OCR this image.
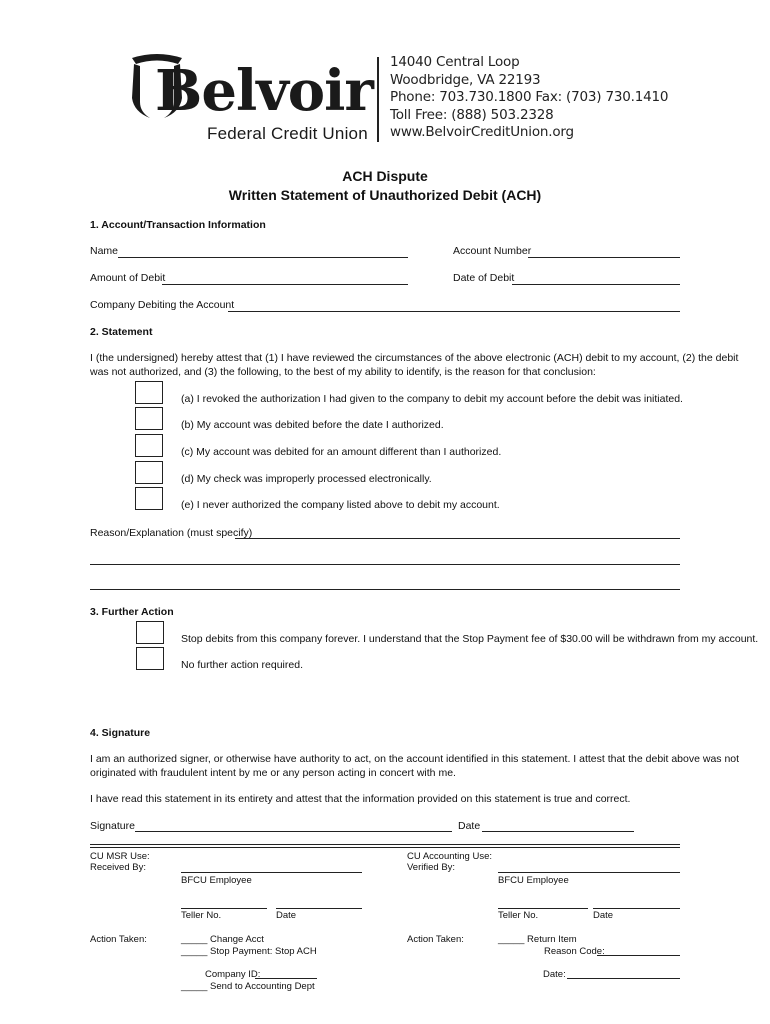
Belvoir
Federal Credit Union
14040 Central Loop
Woodbridge, VA 22193
Phone: 703.730.1800 Fax: (703) 730.1410
Toll Free: (888) 503.2328
www.BelvoirCreditUnion.org
ACH Dispute
Written Statement of Unauthorized Debit (ACH)
1. Account/Transaction Information
Name	Account Number
Amount of Debit	Date of Debit
Company Debiting the Account
2. Statement
I (the undersigned) hereby attest that (1) I have reviewed the circumstances of the above electronic (ACH) debit to my account, (2) the debit
was not authorized, and (3) the following, to the best of my ability to identify, is the reason for that conclusion:
(a) I revoked the authorization I had given to the company to debit my account before the debit was initiated.
(b) My account was debited before the date I authorized.
(c) My account was debited for an amount different than I authorized.
(d) My check was improperly processed electronically.
(e) I never authorized the company listed above to debit my account.
Reason/Explanation (must specify)
3. Further Action
Stop debits from this company forever. I understand that the Stop Payment fee of $30.00 will be withdrawn from my account.
No further action required.
4. Signature
I am an authorized signer, or otherwise have authority to act, on the account identified in this statement. I attest that the debit above was not
originated with fraudulent intent by me or any person acting in concert with me.
I have read this statement in its entirety and attest that the information provided on this statement is true and correct.
Signature	Date
CU MSR Use:
Received By:
BFCU Employee
Teller No.	Date
Action Taken:	_____ Change Acct
_____ Stop Payment: Stop ACH
Company ID:
_____ Send to Accounting Dept
CU Accounting Use:
Verified By:
BFCU Employee
Teller No.	Date
Action Taken:	_____ Return Item
Reason Code:
Date:
